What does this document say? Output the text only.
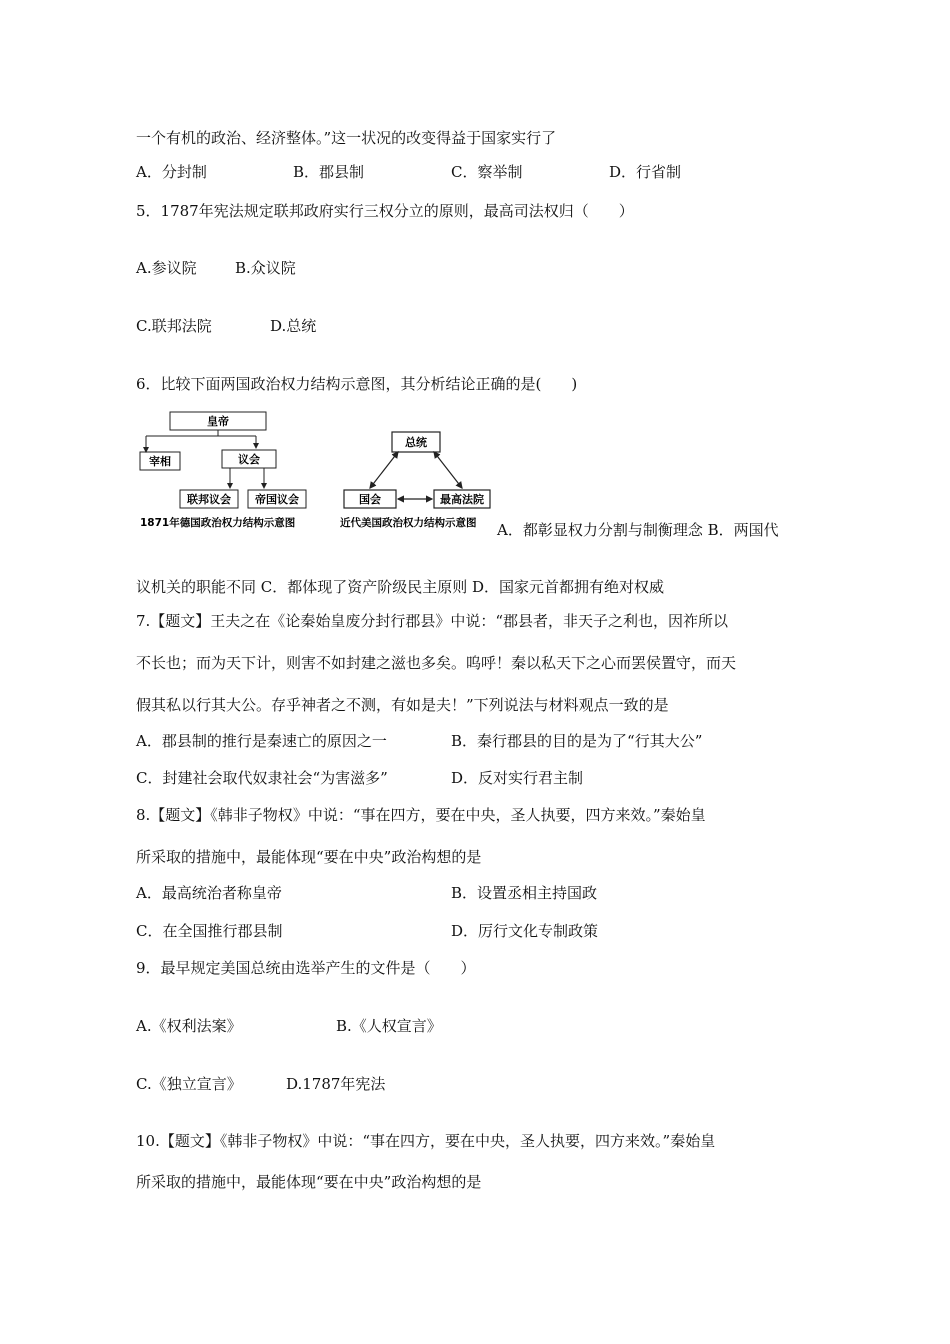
一个有机的政治、经济整体。”这一状况的改变得益于国家实行了
A．分封制	B．郡县制	C．察举制	D．行省制
5．1787年宪法规定联邦政府实行三权分立的原则，最高司法权归（　　）
A.参议院	B.众议院
C.联邦法院	D.总统
6．比较下面两国政治权力结构示意图，其分析结论正确的是(　　)
皇帝
宰相	议会
联邦议会 帝国议会
1871年德国政治权力结构示意图
总统
国会	最高法院
近代美国政治权力结构示意图 A．都彰显权力分割与制衡理念 B．两国代
议机关的职能不同 C．都体现了资产阶级民主原则 D．国家元首都拥有绝对权威
7.【题文】王夫之在《论秦始皇废分封行郡县》中说：“郡县者，非天子之利也，因祚所以
不长也；而为天下计，则害不如封建之滋也多矣。呜呼！秦以私天下之心而罢侯置守，而天
假其私以行其大公。存乎神者之不测，有如是夫！”下列说法与材料观点一致的是
A．郡县制的推行是秦速亡的原因之一	B．秦行郡县的目的是为了“行其大公”
C．封建社会取代奴隶社会“为害滋多”	D．反对实行君主制
8.【题文】《韩非子物权》中说：“事在四方，要在中央，圣人执要，四方来效。”秦始皇
所采取的措施中，最能体现“要在中央”政治构想的是
A．最高统治者称皇帝	B．设置丞相主持国政
C．在全国推行郡县制	D．厉行文化专制政策
9．最早规定美国总统由选举产生的文件是（　　）
A.《权利法案》	B.《人权宣言》
C.《独立宣言》	D.1787年宪法
10.【题文】《韩非子物权》中说：“事在四方，要在中央，圣人执要，四方来效。”秦始皇
所采取的措施中，最能体现“要在中央”政治构想的是
